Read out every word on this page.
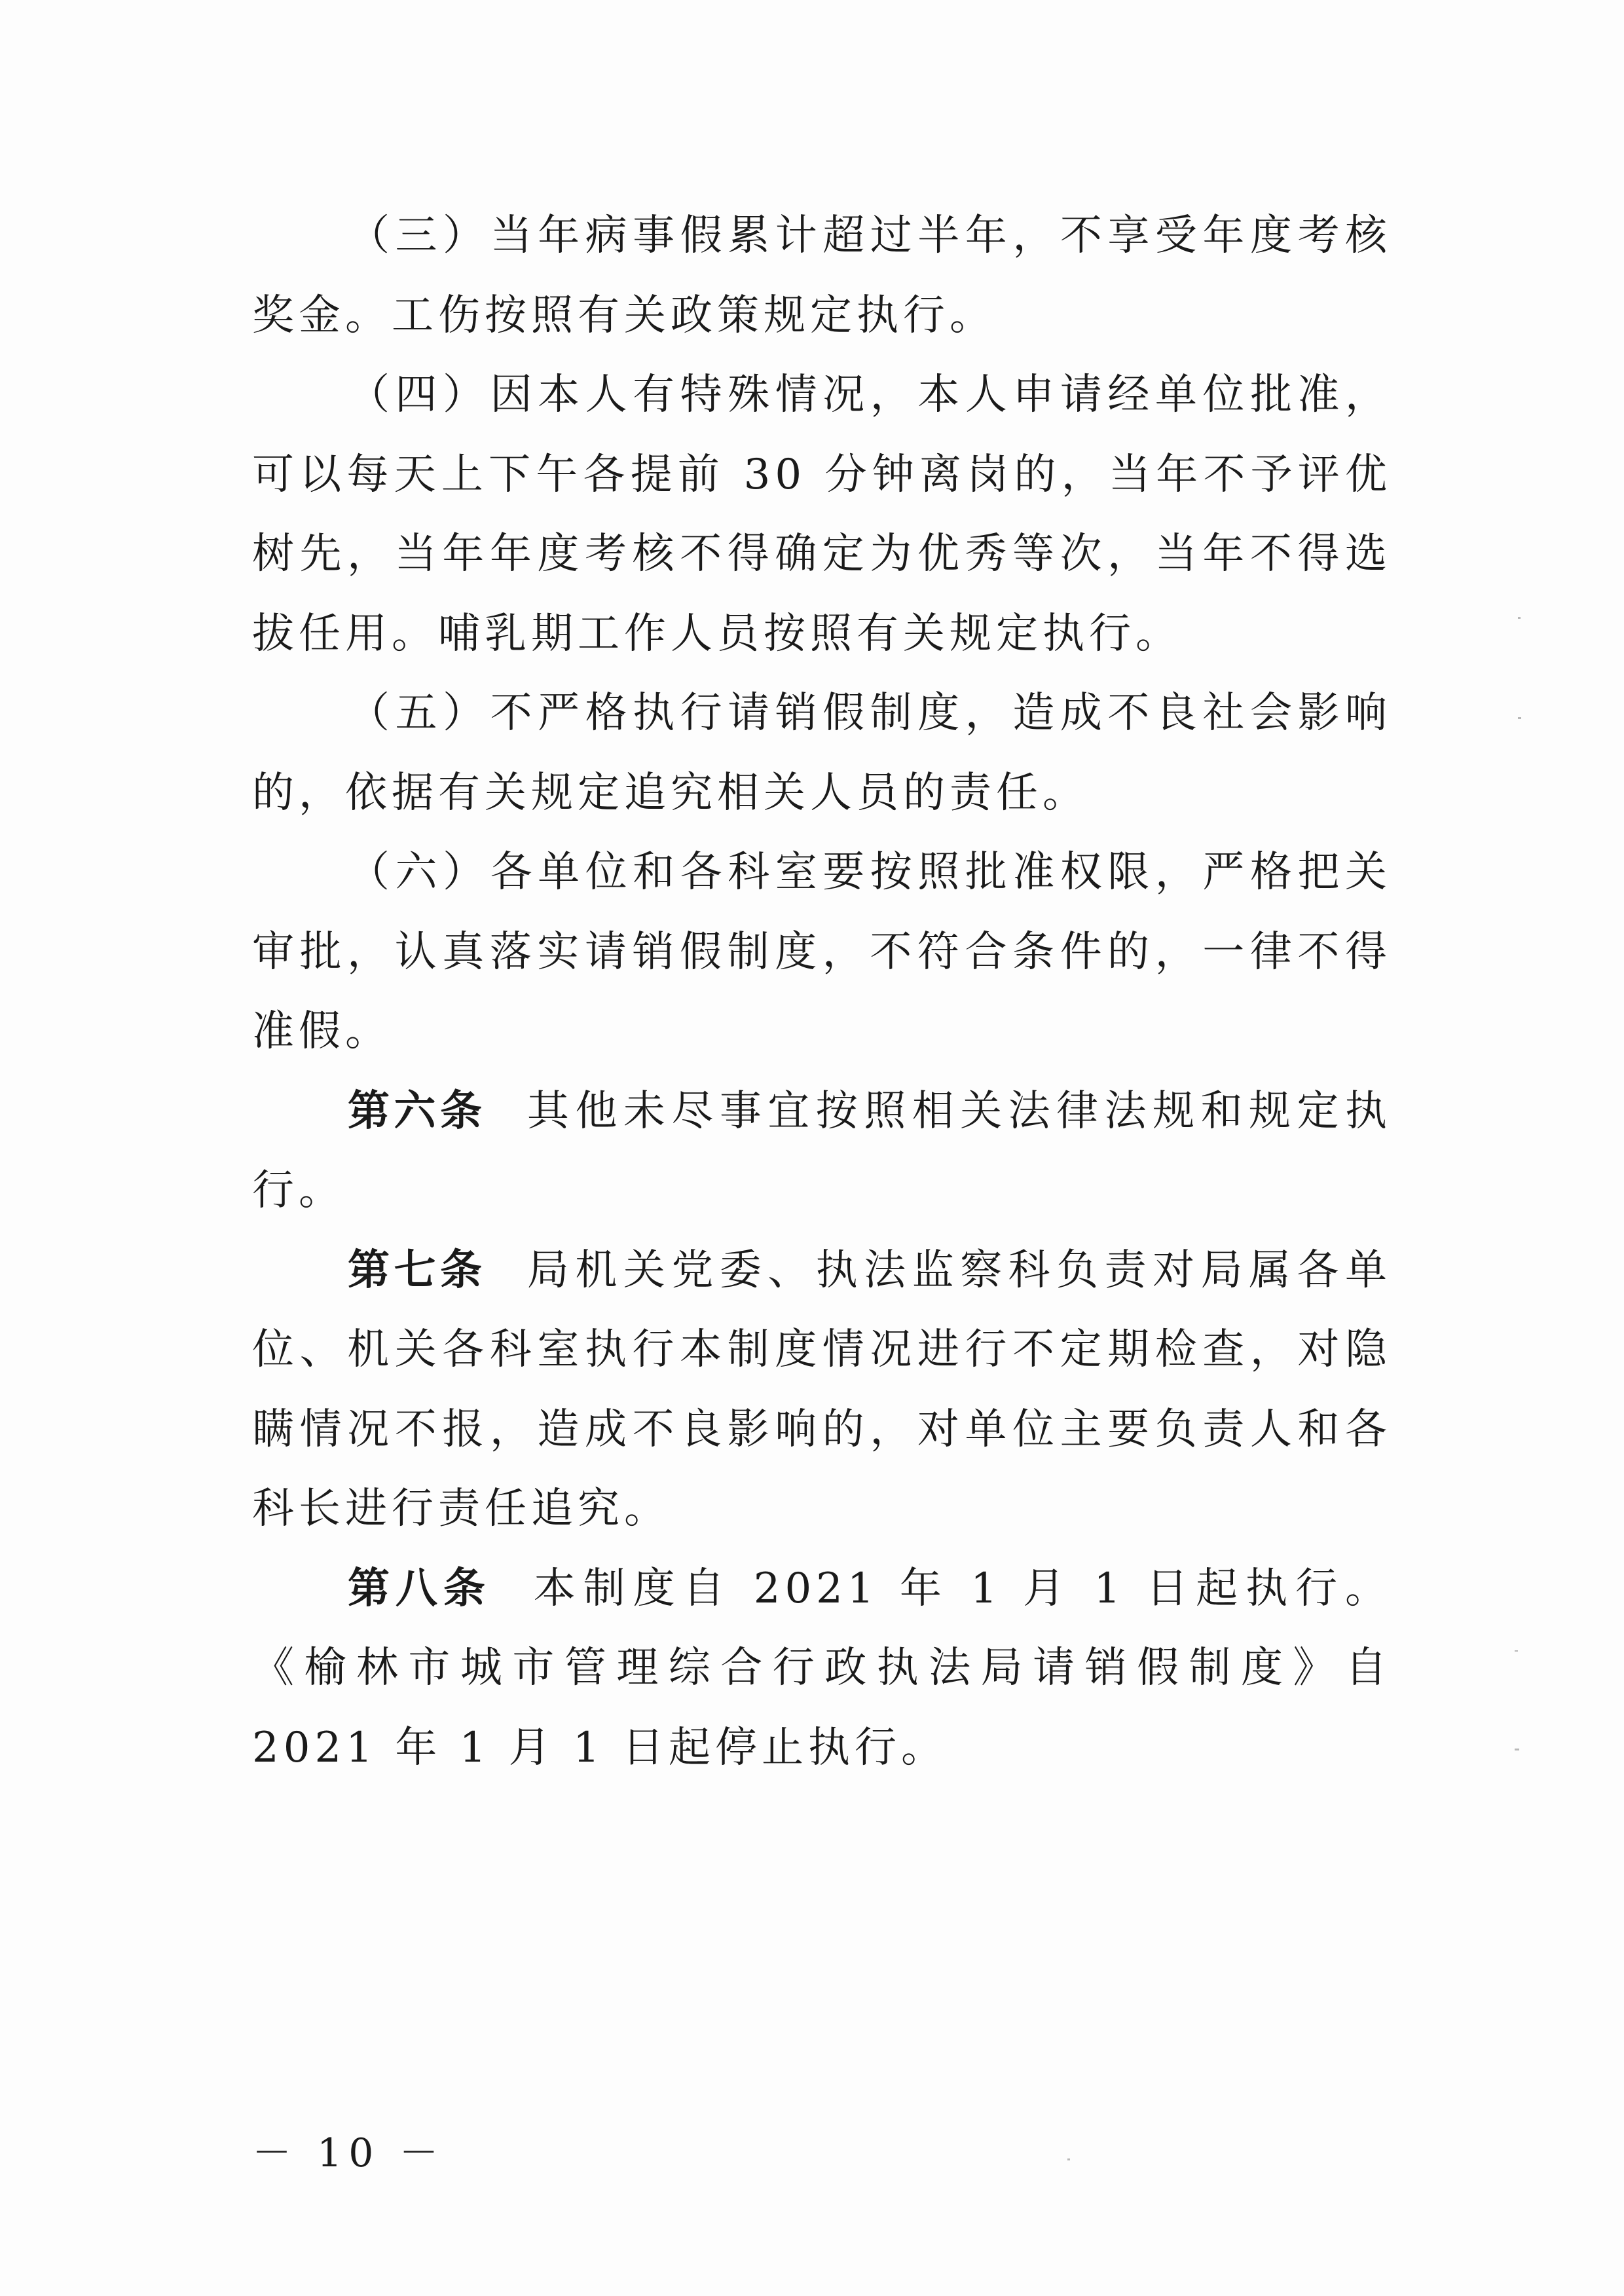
（三）当年病事假累计超过半年，不享受年度考核奖金。工伤按照有关政策规定执行。

（四）因本人有特殊情况，本人申请经单位批准，可以每天上下午各提前 30 分钟离岗的，当年不予评优树先，当年年度考核不得确定为优秀等次，当年不得选拔任用。哺乳期工作人员按照有关规定执行。

（五）不严格执行请销假制度，造成不良社会影响的，依据有关规定追究相关人员的责任。

（六）各单位和各科室要按照批准权限，严格把关审批，认真落实请销假制度，不符合条件的，一律不得准假。

第六条 其他未尽事宜按照相关法律法规和规定执行。

第七条 局机关党委、执法监察科负责对局属各单位、机关各科室执行本制度情况进行不定期检查，对隐瞒情况不报，造成不良影响的，对单位主要负责人和各科长进行责任追究。

第八条 本制度自 2021 年 1 月 1 日起执行。《榆林市城市管理综合行政执法局请销假制度》自 2021 年 1 月 1 日起停止执行。

－ 10 －
